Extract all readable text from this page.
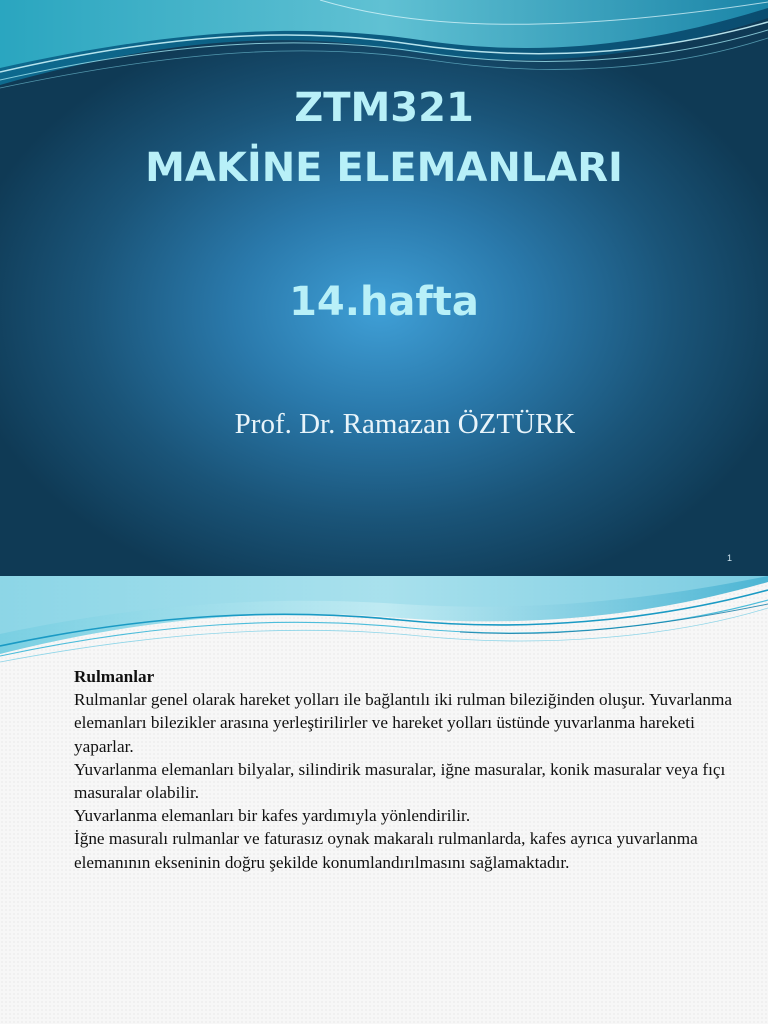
ZTM321
MAKİNE ELEMANLARI
14.hafta
Prof. Dr. Ramazan ÖZTÜRK
1
Rulmanlar

Rulmanlar genel olarak hareket yolları ile bağlantılı iki rulman bileziğinden oluşur. Yuvarlanma elemanları bilezikler arasına yerleştirilirler ve hareket yolları üstünde yuvarlanma hareketi yaparlar.

Yuvarlanma elemanları bilyalar, silindirik masuralar, iğne masuralar, konik masuralar veya fıçı masuralar olabilir.

Yuvarlanma elemanları bir kafes yardımıyla yönlendirilir.

İğne masuralı rulmanlar ve faturasız oynak makaralı rulmanlarda, kafes ayrıca yuvarlanma elemanının ekseninin doğru şekilde konumlandırılmasını sağlamaktadır.
